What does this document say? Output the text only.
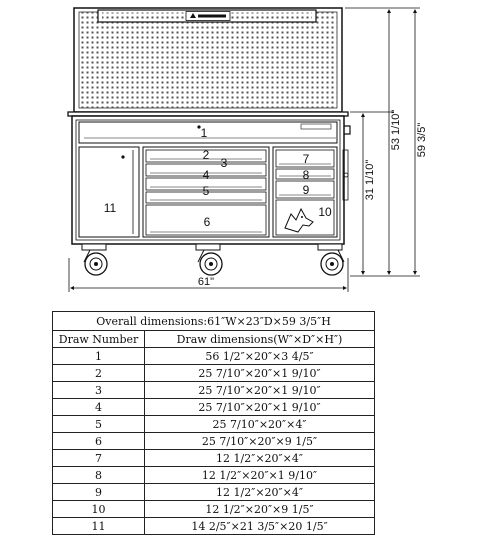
1
2
3
4
5
6
7
8
9
10
11
61"
31 1/10"
53 1/10" 59 3/5"
Overall dimensions:61″W×23″D×59 3/5″H	
Draw Number	Draw dimensions(W″×D″×H″)
1	56 1/2″×20″×3 4/5″
2	25 7/10″×20″×1 9/10″
3	25 7/10″×20″×1 9/10″
4	25 7/10″×20″×1 9/10″
5	25 7/10″×20″×4″
6	25 7/10″×20″×9 1/5″
7	12 1/2″×20″×4″
8	12 1/2″×20″×1 9/10″
9	12 1/2″×20″×4″
10	12 1/2″×20″×9 1/5″
11	14 2/5″×21 3/5″×20 1/5″
